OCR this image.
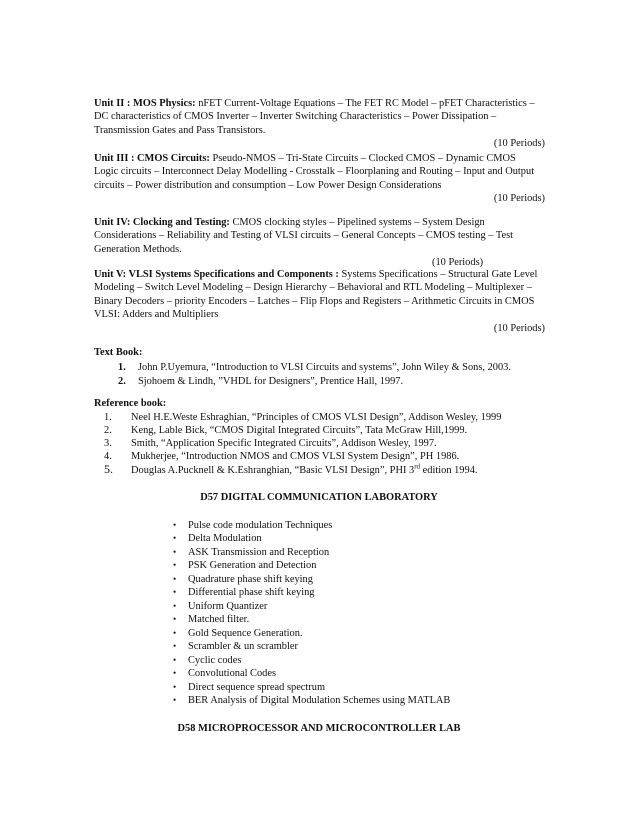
Unit II : MOS Physics: nFET Current-Voltage Equations – The FET RC Model – pFET Characteristics –
DC characteristics of CMOS Inverter – Inverter Switching Characteristics – Power Dissipation –
Transmission Gates and Pass Transistors.
(10 Periods)
Unit III : CMOS Circuits: Pseudo-NMOS – Tri-State Circuits – Clocked CMOS – Dynamic CMOS
Logic circuits – Interconnect Delay Modelling - Crosstalk – Floorplaning and Routing – Input and Output
circuits – Power distribution and consumption – Low Power Design Considerations
(10 Periods)
Unit IV: Clocking and Testing: CMOS clocking styles – Pipelined systems – System Design
Considerations – Reliability and Testing of VLSI circuits – General Concepts – CMOS testing – Test
Generation Methods.
(10 Periods)
Unit V: VLSI Systems Specifications and Components : Systems Specifications – Structural Gate Level
Modeling – Switch Level Modeling – Design Hierarchy – Behavioral and RTL Modeling – Multiplexer –
Binary Decoders – priority Encoders – Latches – Flip Flops and Registers – Arithmetic Circuits in CMOS
VLSI: Adders and Multipliers
(10 Periods)
Text Book:
1. John P.Uyemura, “Introduction to VLSI Circuits and systems”, John Wiley & Sons, 2003.
2. Sjohoem & Lindh, ”VHDL for Designers”, Prentice Hall, 1997.
Reference book:
1. Neel H.E.Weste Eshraghian, “Principles of CMOS VLSI Design”, Addison Wesley, 1999
2. Keng, Lable Bick, “CMOS Digital Integrated Circuits”, Tata McGraw Hill,1999.
3. Smith, “Application Specific Integrated Circuits”, Addison Wesley, 1997.
4. Mukherjee, “Introduction NMOS and CMOS VLSI System Design”, PH 1986.
5. Douglas A.Pucknell & K.Eshranghian, “Basic VLSI Design”, PHI 3rd edition 1994.
D57 DIGITAL COMMUNICATION LABORATORY
• Pulse code modulation Techniques
• Delta Modulation
• ASK Transmission and Reception
• PSK Generation and Detection
• Quadrature phase shift keying
• Differential phase shift keying
• Uniform Quantizer
• Matched filter.
• Gold Sequence Generation.
• Scrambler & un scrambler
• Cyclic codes
• Convolutional Codes
• Direct sequence spread spectrum
• BER Analysis of Digital Modulation Schemes using MATLAB
D58 MICROPROCESSOR AND MICROCONTROLLER LAB
